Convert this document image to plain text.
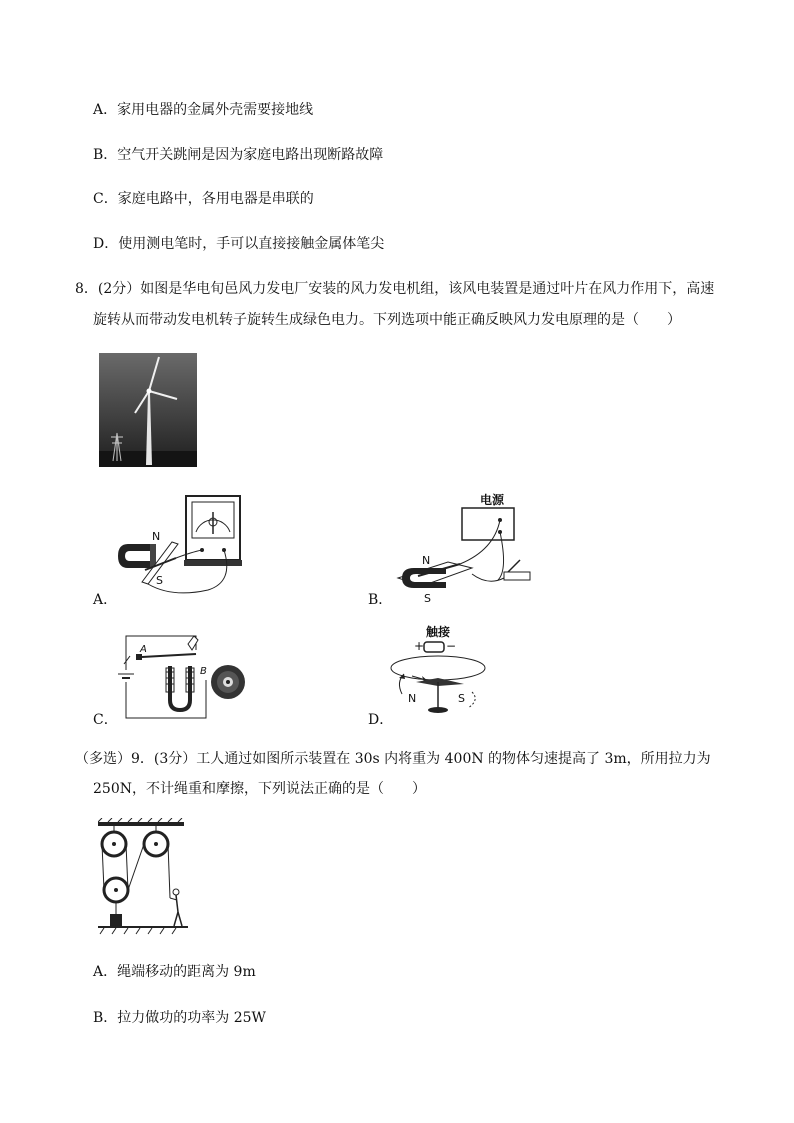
A．家用电器的金属外壳需要接地线
B．空气开关跳闸是因为家庭电路出现断路故障
C．家庭电路中，各用电器是串联的
D．使用测电笔时，手可以直接接触金属体笔尖
8．(2分）如图是华电旬邑风力发电厂安装的风力发电机组，该风电装置是通过叶片在风力作用下，高速
旋转从而带动发电机转子旋转生成绿色电力。下列选项中能正确反映风力发电原理的是（　　）
N
S
A．
电源
N
S
B．
A
B
C．
触接
+ −
N	S
D．
（多选）9．(3分）工人通过如图所示装置在 30s 内将重为 400N 的物体匀速提高了 3m，所用拉力为
250N，不计绳重和摩擦，下列说法正确的是（　　）
A．绳端移动的距离为 9m
B．拉力做功的功率为 25W
